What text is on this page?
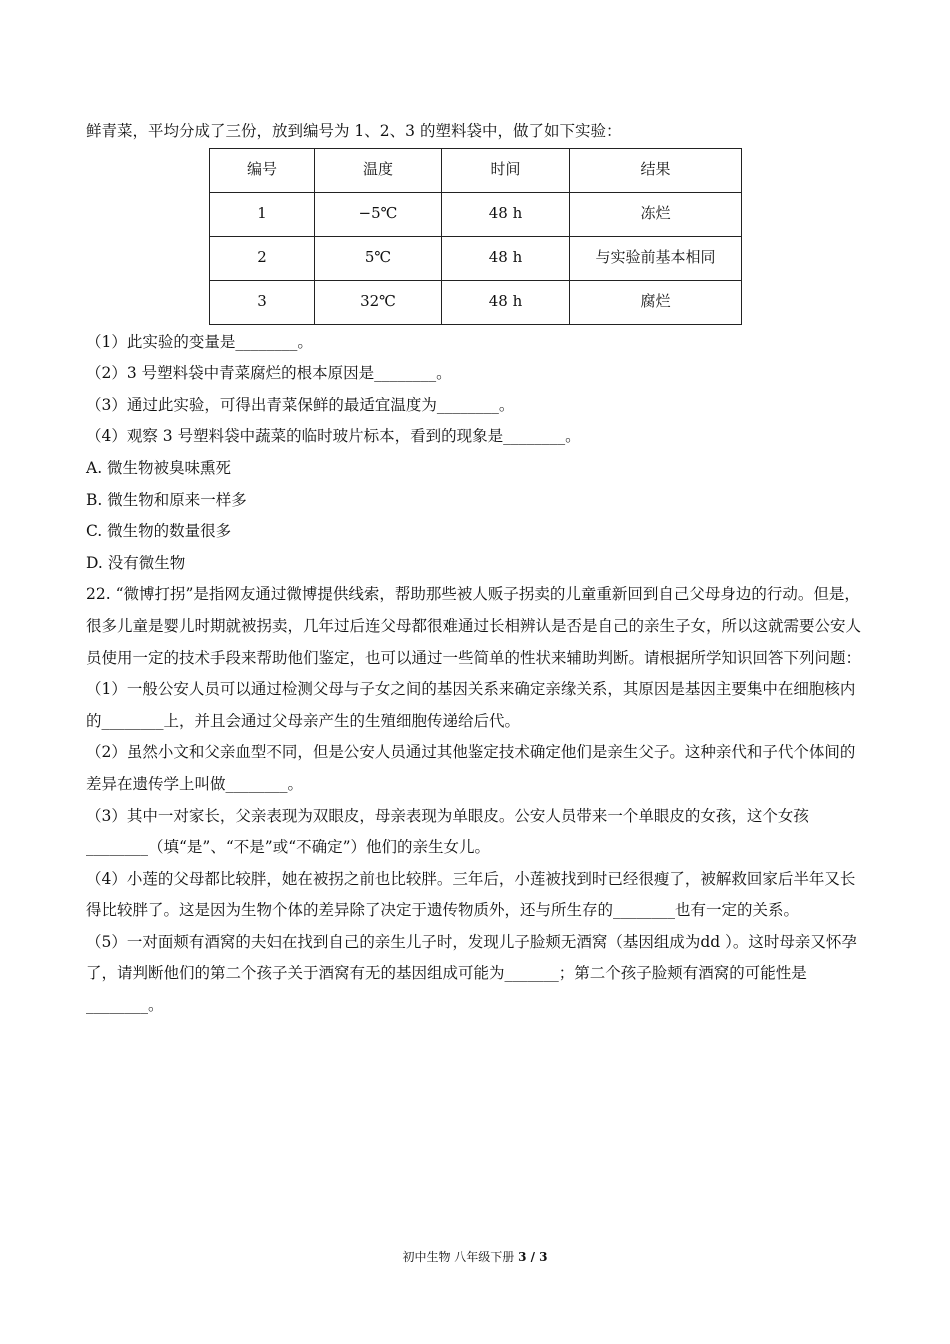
鲜青菜，平均分成了三份，放到编号为 1、2、3 的塑料袋中，做了如下实验：

编号	温度	时间	结果
1	−5℃	48 h	冻烂
2	5℃	48 h	与实验前基本相同
3	32℃	48 h	腐烂

（1）此实验的变量是________。

（2）3 号塑料袋中青菜腐烂的根本原因是________。

（3）通过此实验，可得出青菜保鲜的最适宜温度为________。

（4）观察 3 号塑料袋中蔬菜的临时玻片标本，看到的现象是________。

A. 微生物被臭味熏死
B. 微生物和原来一样多
C. 微生物的数量很多
D. 没有微生物

22. “微博打拐”是指网友通过微博提供线索，帮助那些被人贩子拐卖的儿童重新回到自己父母身边的行动。但是，很多儿童是婴儿时期就被拐卖，几年过后连父母都很难通过长相辨认是否是自己的亲生子女，所以这就需要公安人员使用一定的技术手段来帮助他们鉴定，也可以通过一些简单的性状来辅助判断。请根据所学知识回答下列问题：

（1）一般公安人员可以通过检测父母与子女之间的基因关系来确定亲缘关系，其原因是基因主要集中在细胞核内的________上，并且会通过父母亲产生的生殖细胞传递给后代。

（2）虽然小文和父亲血型不同，但是公安人员通过其他鉴定技术确定他们是亲生父子。这种亲代和子代个体间的差异在遗传学上叫做________。

（3）其中一对家长，父亲表现为双眼皮，母亲表现为单眼皮。公安人员带来一个单眼皮的女孩，这个女孩________（填“是”、“不是”或“不确定”）他们的亲生女儿。

（4）小莲的父母都比较胖，她在被拐之前也比较胖。三年后，小莲被找到时已经很瘦了，被解救回家后半年又长得比较胖了。这是因为生物个体的差异除了决定于遗传物质外，还与所生存的________也有一定的关系。

（5）一对面颊有酒窝的夫妇在找到自己的亲生儿子时，发现儿子脸颊无酒窝（基因组成为dd ）。这时母亲又怀孕了，请判断他们的第二个孩子关于酒窝有无的基因组成可能为_______；第二个孩子脸颊有酒窝的可能性是________。

初中生物 八年级下册 3 / 3
